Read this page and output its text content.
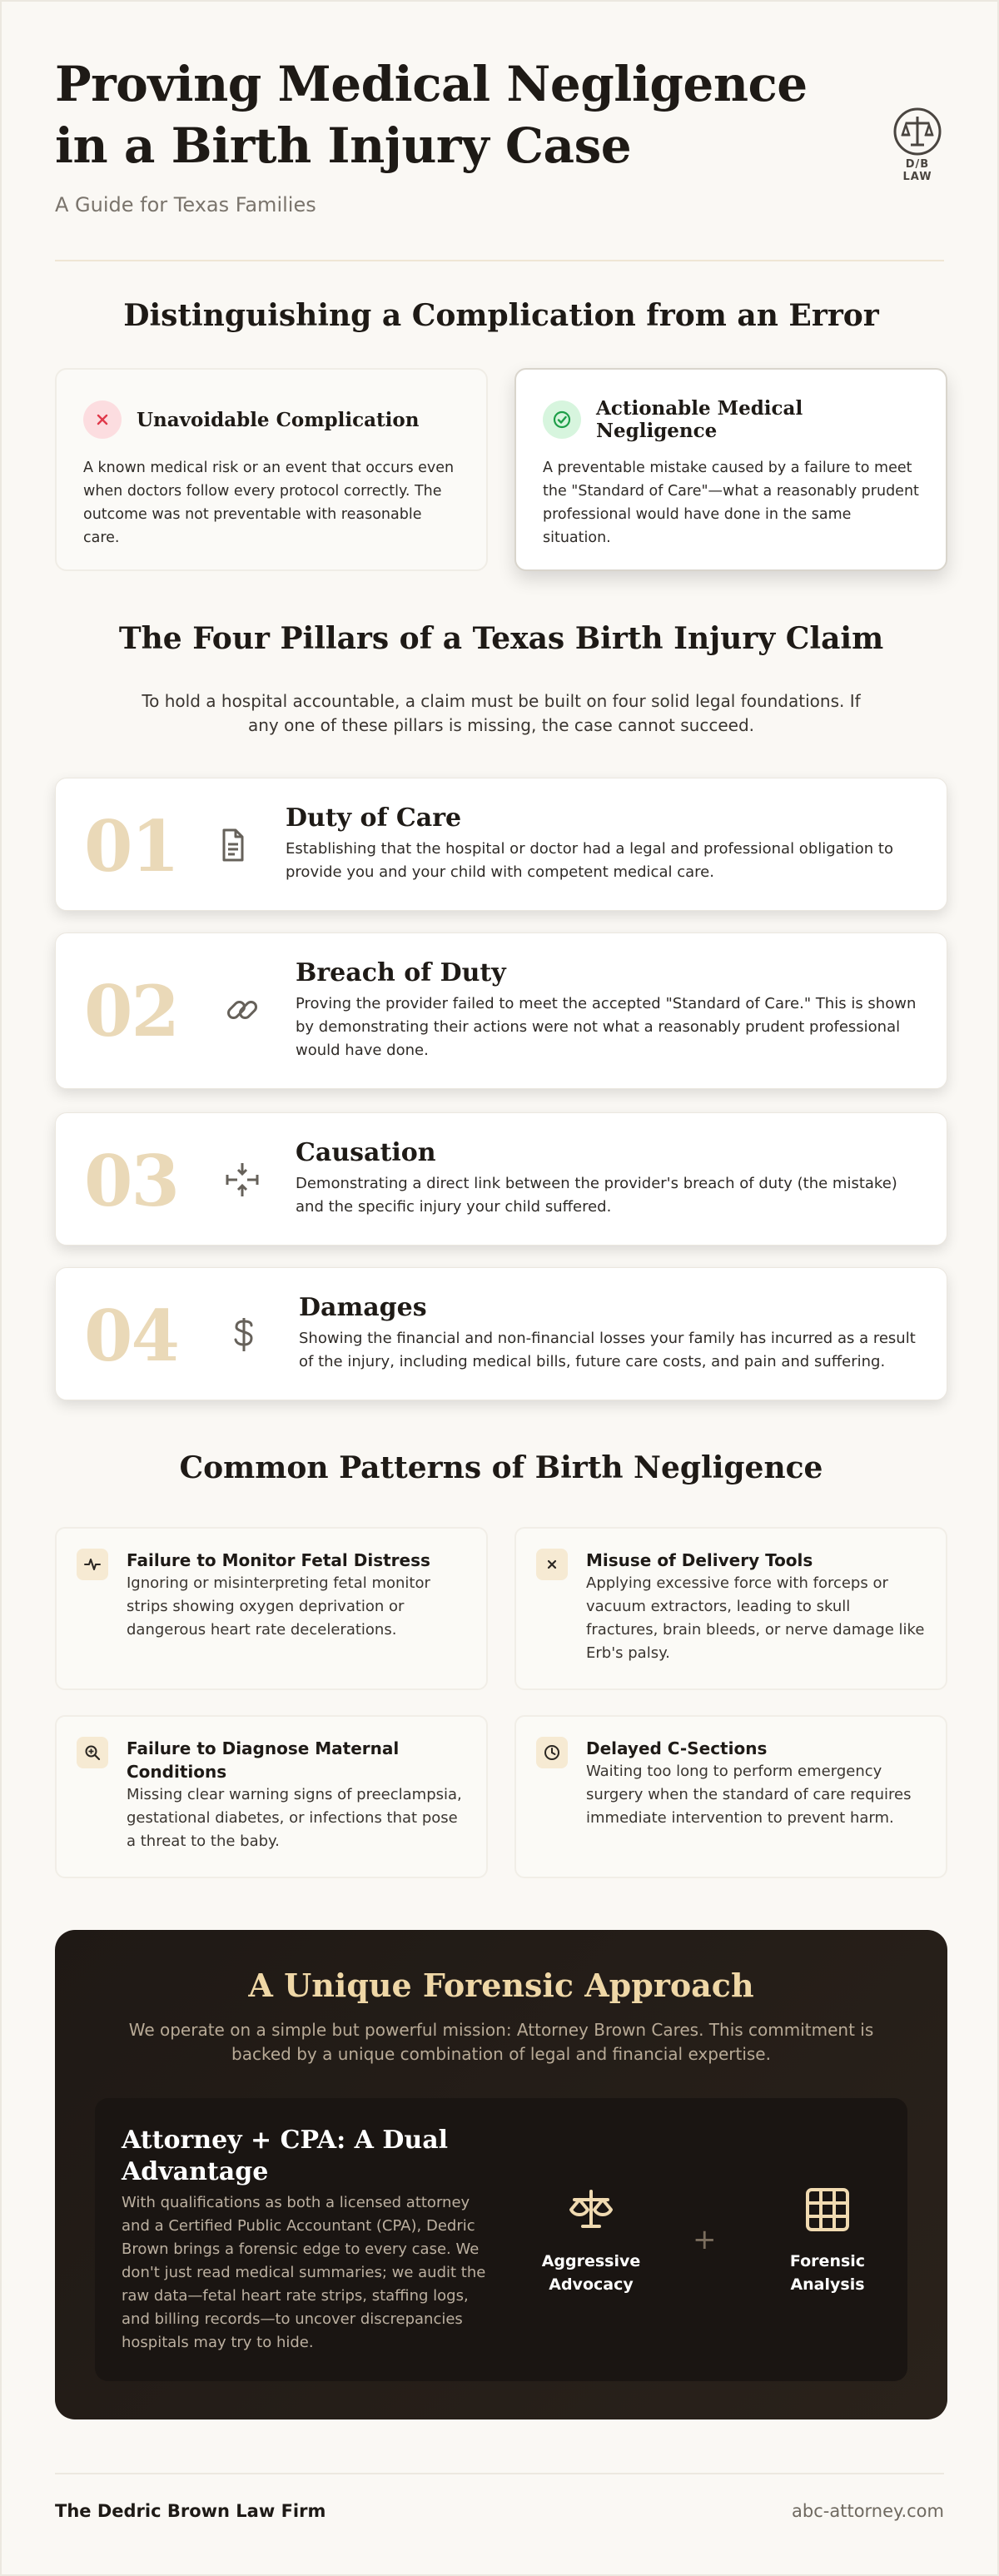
Proving Medical Negligence
in a Birth Injury Case
A Guide for Texas Families
D/B LAW
Distinguishing a Complication from an Error
Unavoidable Complication
A known medical risk or an event that occurs even when doctors follow every protocol correctly. The outcome was not preventable with reasonable care.
Actionable Medical Negligence
A preventable mistake caused by a failure to meet the "Standard of Care"—what a reasonably prudent professional would have done in the same situation.
The Four Pillars of a Texas Birth Injury Claim
To hold a hospital accountable, a claim must be built on four solid legal foundations. If any one of these pillars is missing, the case cannot succeed.
01	Duty of Care
Establishing that the hospital or doctor had a legal and professional obligation to provide you and your child with competent medical care.
02	Breach of Duty
Proving the provider failed to meet the accepted "Standard of Care." This is shown by demonstrating their actions were not what a reasonably prudent professional would have done.
03	Causation
Demonstrating a direct link between the provider's breach of duty (the mistake) and the specific injury your child suffered.
04	Damages
Showing the financial and non-financial losses your family has incurred as a result of the injury, including medical bills, future care costs, and pain and suffering.
Common Patterns of Birth Negligence
Failure to Monitor Fetal Distress
Ignoring or misinterpreting fetal monitor strips showing oxygen deprivation or dangerous heart rate decelerations.
Misuse of Delivery Tools
Applying excessive force with forceps or vacuum extractors, leading to skull fractures, brain bleeds, or nerve damage like Erb's palsy.
Failure to Diagnose Maternal Conditions
Missing clear warning signs of preeclampsia, gestational diabetes, or infections that pose a threat to the baby.
Delayed C-Sections
Waiting too long to perform emergency surgery when the standard of care requires immediate intervention to prevent harm.
A Unique Forensic Approach
We operate on a simple but powerful mission: Attorney Brown Cares. This commitment is backed by a unique combination of legal and financial expertise.
Attorney + CPA: A Dual Advantage
With qualifications as both a licensed attorney and a Certified Public Accountant (CPA), Dedric Brown brings a forensic edge to every case. We don't just read medical summaries; we audit the raw data—fetal heart rate strips, staffing logs, and billing records—to uncover discrepancies hospitals may try to hide.
Aggressive
Advocacy
+
Forensic
Analysis
The Dedric Brown Law Firm	abc-attorney.com
